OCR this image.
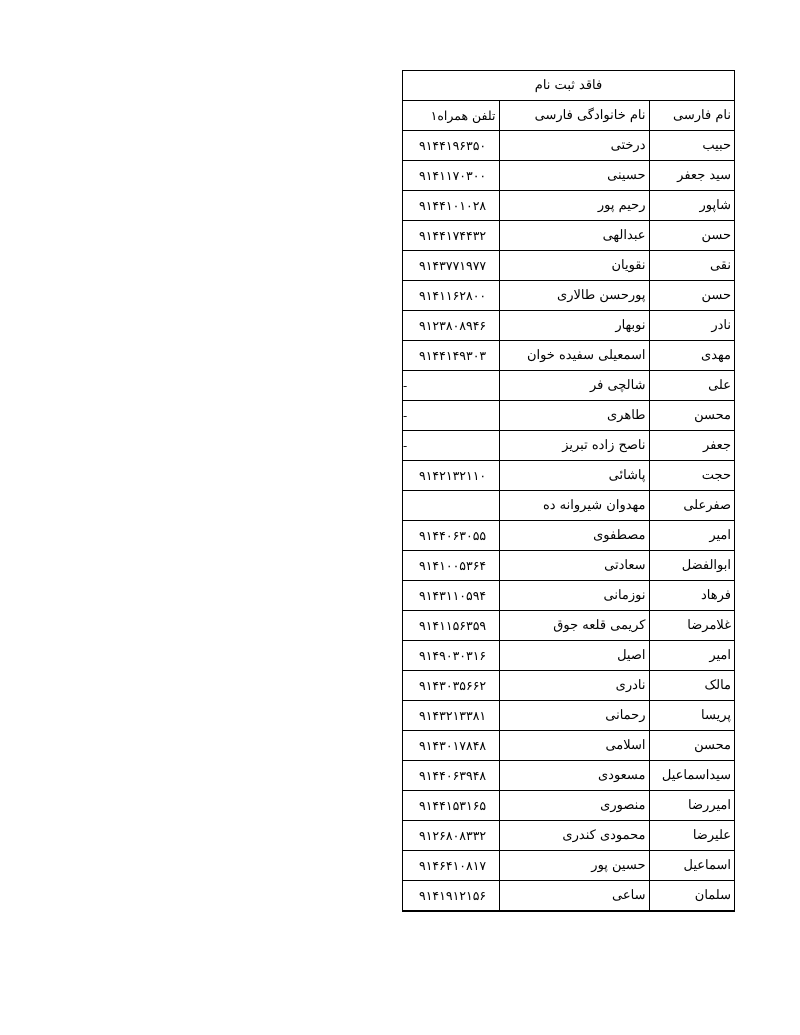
فاقد ثبت نام
نام فارسی	نام خانوادگی فارسی	تلفن همراه۱
حبیب	درختی	۹۱۴۴۱۹۶۳۵۰
سید جعفر	حسینی	۹۱۴۱۱۷۰۳۰۰
شاپور	رحیم پور	۹۱۴۴۱۰۱۰۲۸
حسن	عبدالهی	۹۱۴۴۱۷۴۴۳۲
نقی	نقویان	۹۱۴۳۷۷۱۹۷۷
حسن	پورحسن طالاری	۹۱۴۱۱۶۲۸۰۰
نادر	نوبهار	۹۱۲۳۸۰۸۹۴۶
مهدی	اسمعیلی سفیده خوان	۹۱۴۴۱۴۹۳۰۳
علی	شالچی فر	-
محسن	طاهری	-
جعفر	ناصح زاده تبریز	-
حجت	پاشائی	۹۱۴۲۱۳۲۱۱۰
صفرعلی	مهدوان شیروانه ده	
امیر	مصطفوی	۹۱۴۴۰۶۳۰۵۵
ابوالفضل	سعادتی	۹۱۴۱۰۰۵۳۶۴
فرهاد	نوزمانی	۹۱۴۳۱۱۰۵۹۴
غلامرضا	کریمی قلعه جوق	۹۱۴۱۱۵۶۳۵۹
امیر	اصیل	۹۱۴۹۰۳۰۳۱۶
مالک	نادری	۹۱۴۳۰۳۵۶۶۲
پریسا	رحمانی	۹۱۴۳۲۱۳۳۸۱
محسن	اسلامی	۹۱۴۳۰۱۷۸۴۸
سیداسماعیل	مسعودی	۹۱۴۴۰۶۳۹۴۸
امیررضا	منصوری	۹۱۴۴۱۵۳۱۶۵
علیرضا	محمودی کندری	۹۱۲۶۸۰۸۳۳۲
اسماعیل	حسین پور	۹۱۴۶۴۱۰۸۱۷
سلمان	ساعی	۹۱۴۱۹۱۲۱۵۶
